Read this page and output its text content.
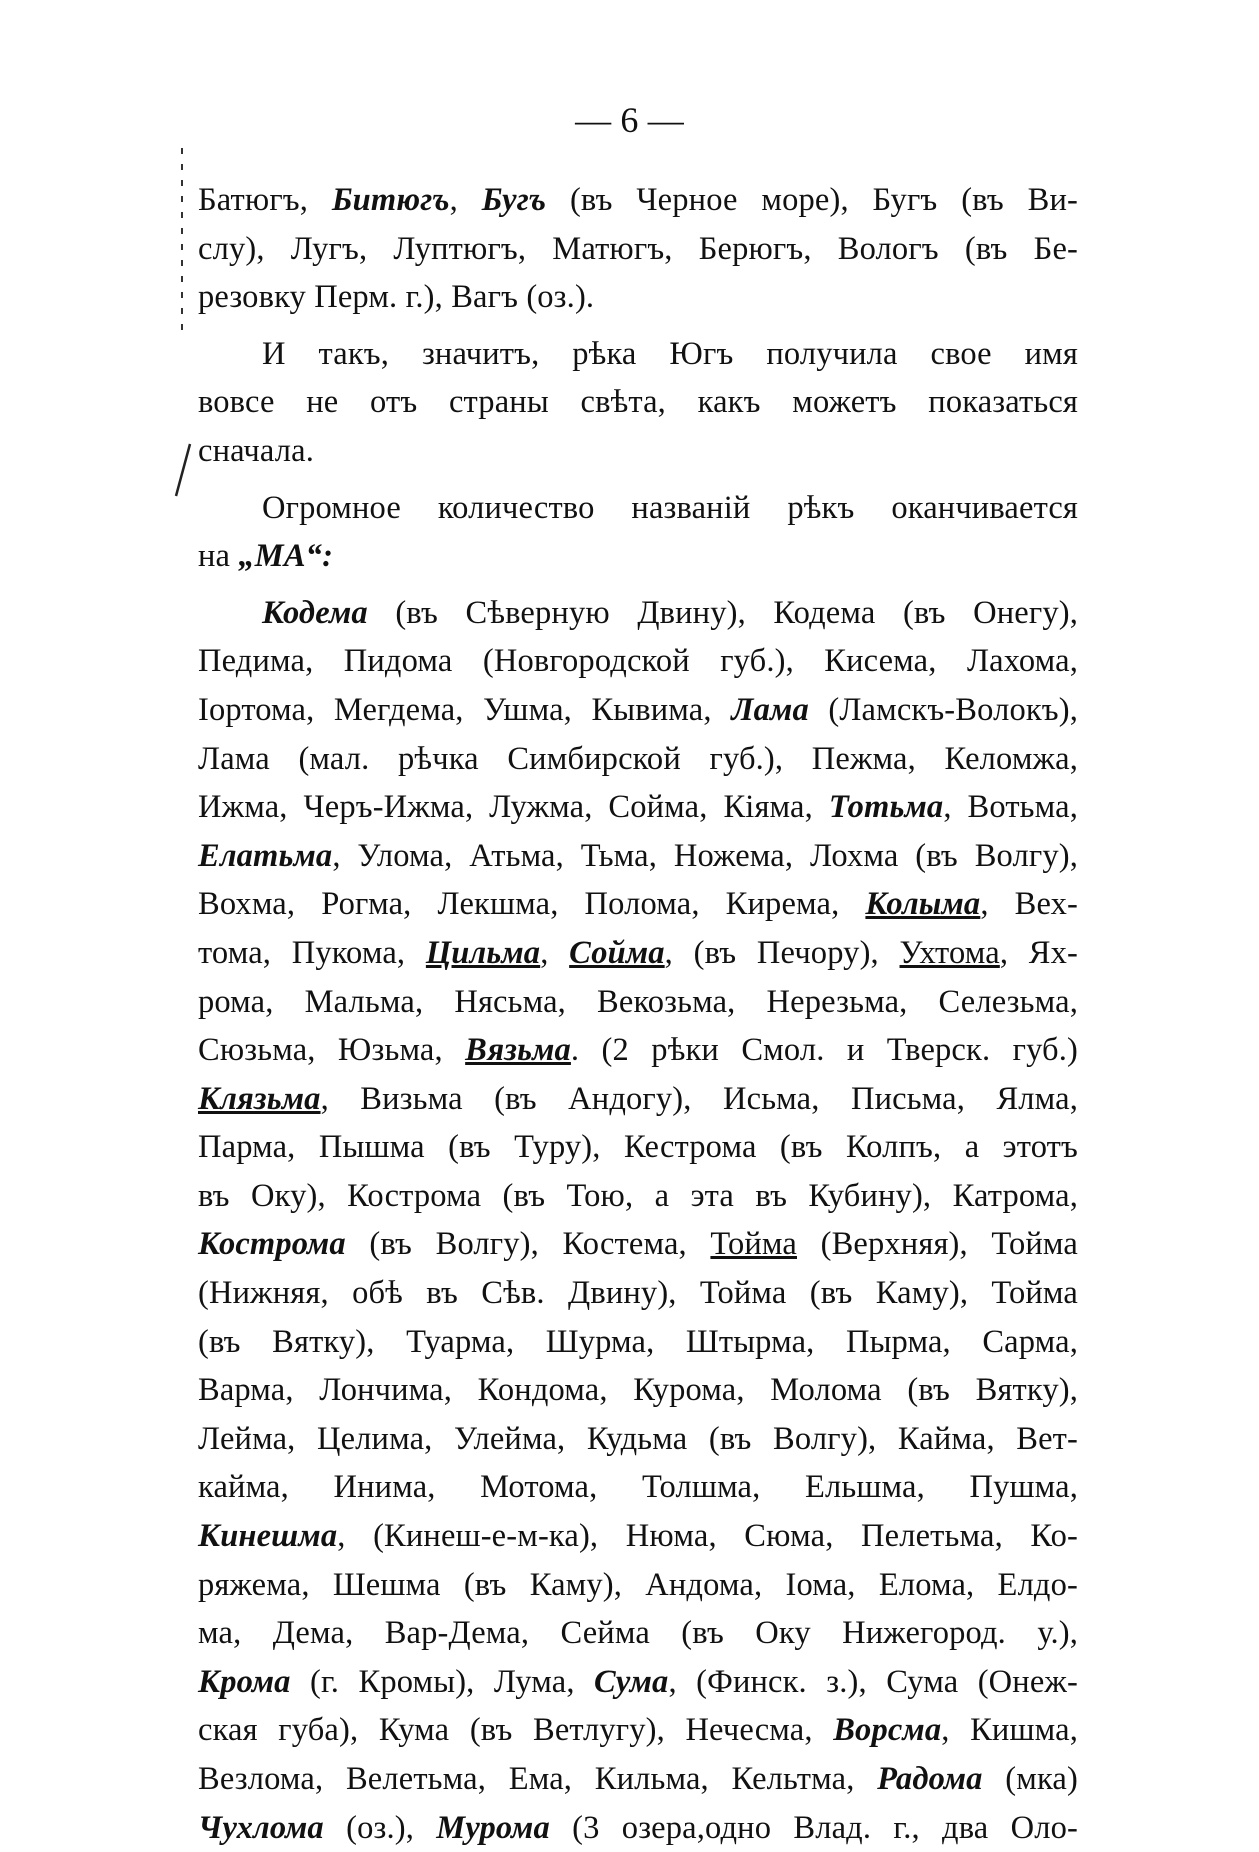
— 6 —
Батюгъ, Битюгъ, Бугъ (въ Черное море), Бугъ (въ Ви-
слу), Лугъ, Луптюгъ, Матюгъ, Берюгъ, Вологъ (въ Бе-
резовку Перм. г.), Вагъ (оз.).
И такъ, значитъ, рѣка Югъ получила свое имя
вовсе не отъ страны свѣта, какъ можетъ показаться
сначала.
Огромное количество названій рѣкъ оканчивается
на „МА“:
Кодема (въ Сѣверную Двину), Кодема (въ Онегу),
Педима, Пидома (Новгородской губ.), Кисема, Лахома,
Іортома, Мегдема, Ушма, Кывима, Лама (Ламскъ-Волокъ),
Лама (мал. рѣчка Симбирской губ.), Пежма, Келомжа,
Ижма, Черъ-Ижма, Лужма, Сойма, Кіяма, Тотьма, Вотьма,
Елатьма, Улома, Атьма, Тьма, Ножема, Лохма (въ Волгу),
Вохма, Рогма, Лекшма, Полома, Кирема, Колыма, Вех-
тома, Пукома, Цильма, Сойма, (въ Печору), Ухтома, Ях-
рома, Мальма, Нясьма, Векозьма, Нерезьма, Селезьма,
Сюзьма, Юзьма, Вязьма. (2 рѣки Смол. и Тверск. губ.)
Клязьма, Визьма (въ Андогу), Исьма, Письма, Ялма,
Парма, Пышма (въ Туру), Кестрома (въ Колпъ, а этотъ
въ Оку), Кострома (въ Тою, а эта въ Кубину), Катрома,
Кострома (въ Волгу), Костема, Тойма (Верхняя), Тойма
(Нижняя, обѣ въ Сѣв. Двину), Тойма (въ Каму), Тойма
(въ Вятку), Туарма, Шурма, Штырма, Пырма, Сарма,
Варма, Лончима, Кондома, Курома, Молома (въ Вятку),
Лейма, Целима, Улейма, Кудьма (въ Волгу), Кайма, Вет-
кайма, Инима, Мотома, Толшма, Ельшма, Пушма,
Кинешма, (Кинеш-е-м-ка), Нюма, Сюма, Пелетьма, Ко-
ряжема, Шешма (въ Каму), Андома, Іома, Елома, Елдо-
ма, Дема, Вар-Дема, Сейма (въ Оку Нижегород. у.),
Крома (г. Кромы), Лума, Сума, (Финск. з.), Сума (Онеж-
ская губа), Кума (въ Ветлугу), Нечесма, Ворсма, Кишма,
Везлома, Велетьма, Ема, Кильма, Кельтма, Радома (мка)
Чухлома (оз.), Мурома (3 озера,одно Влад. г., два Оло-
